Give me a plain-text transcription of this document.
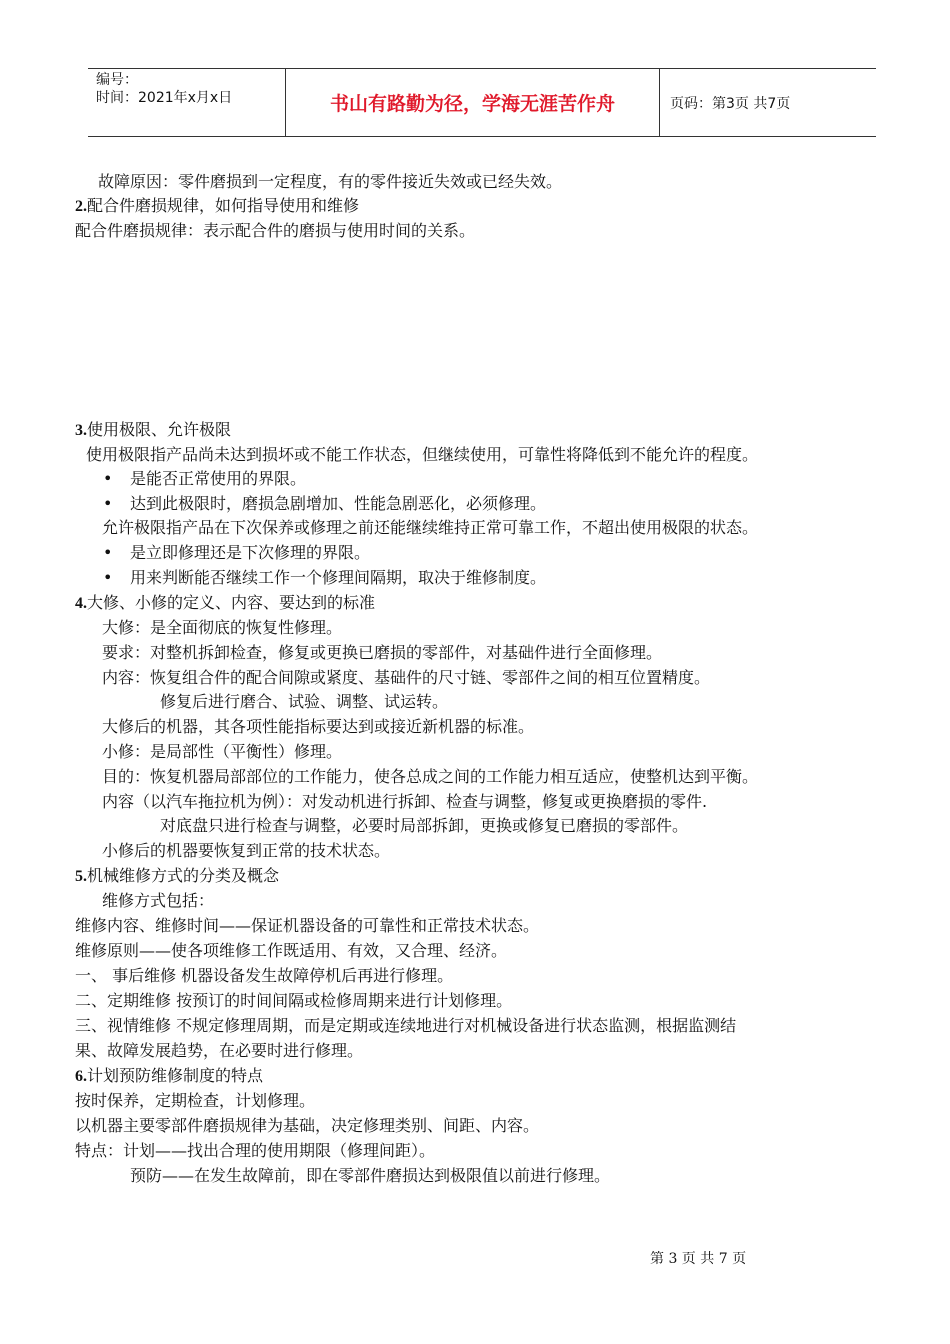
编号：
时间：2021年x月x日	书山有路勤为径，学海无涯苦作舟	页码：第3页 共7页
故障原因：零件磨损到一定程度，有的零件接近失效或已经失效。
2.配合件磨损规律，如何指导使用和维修
配合件磨损规律：表示配合件的磨损与使用时间的关系。
3.使用极限、允许极限
使用极限指产品尚未达到损坏或不能工作状态，但继续使用，可靠性将降低到不能允许的程度。
• 是能否正常使用的界限。
• 达到此极限时，磨损急剧增加、性能急剧恶化，必须修理。
允许极限指产品在下次保养或修理之前还能继续维持正常可靠工作，不超出使用极限的状态。
• 是立即修理还是下次修理的界限。
• 用来判断能否继续工作一个修理间隔期，取决于维修制度。
4.大修、小修的定义、内容、要达到的标准
大修：是全面彻底的恢复性修理。
要求：对整机拆卸检查，修复或更换已磨损的零部件，对基础件进行全面修理。
内容：恢复组合件的配合间隙或紧度、基础件的尺寸链、零部件之间的相互位置精度。
修复后进行磨合、试验、调整、试运转。
大修后的机器，其各项性能指标要达到或接近新机器的标准。
小修：是局部性（平衡性）修理。
目的：恢复机器局部部位的工作能力，使各总成之间的工作能力相互适应，使整机达到平衡。
内容（以汽车拖拉机为例）：对发动机进行拆卸、检查与调整，修复或更换磨损的零件.
对底盘只进行检查与调整，必要时局部拆卸，更换或修复已磨损的零部件。
小修后的机器要恢复到正常的技术状态。
5.机械维修方式的分类及概念
维修方式包括：
维修内容、维修时间——保证机器设备的可靠性和正常技术状态。
维修原则——使各项维修工作既适用、有效，又合理、经济。
一、 事后维修 机器设备发生故障停机后再进行修理。
二、定期维修 按预订的时间间隔或检修周期来进行计划修理。
三、视情维修 不规定修理周期，而是定期或连续地进行对机械设备进行状态监测，根据监测结
果、故障发展趋势，在必要时进行修理。
6.计划预防维修制度的特点
按时保养，定期检查，计划修理。
以机器主要零部件磨损规律为基础，决定修理类别、间距、内容。
特点：计划——找出合理的使用期限（修理间距）。
预防——在发生故障前，即在零部件磨损达到极限值以前进行修理。
第 3 页 共 7 页
